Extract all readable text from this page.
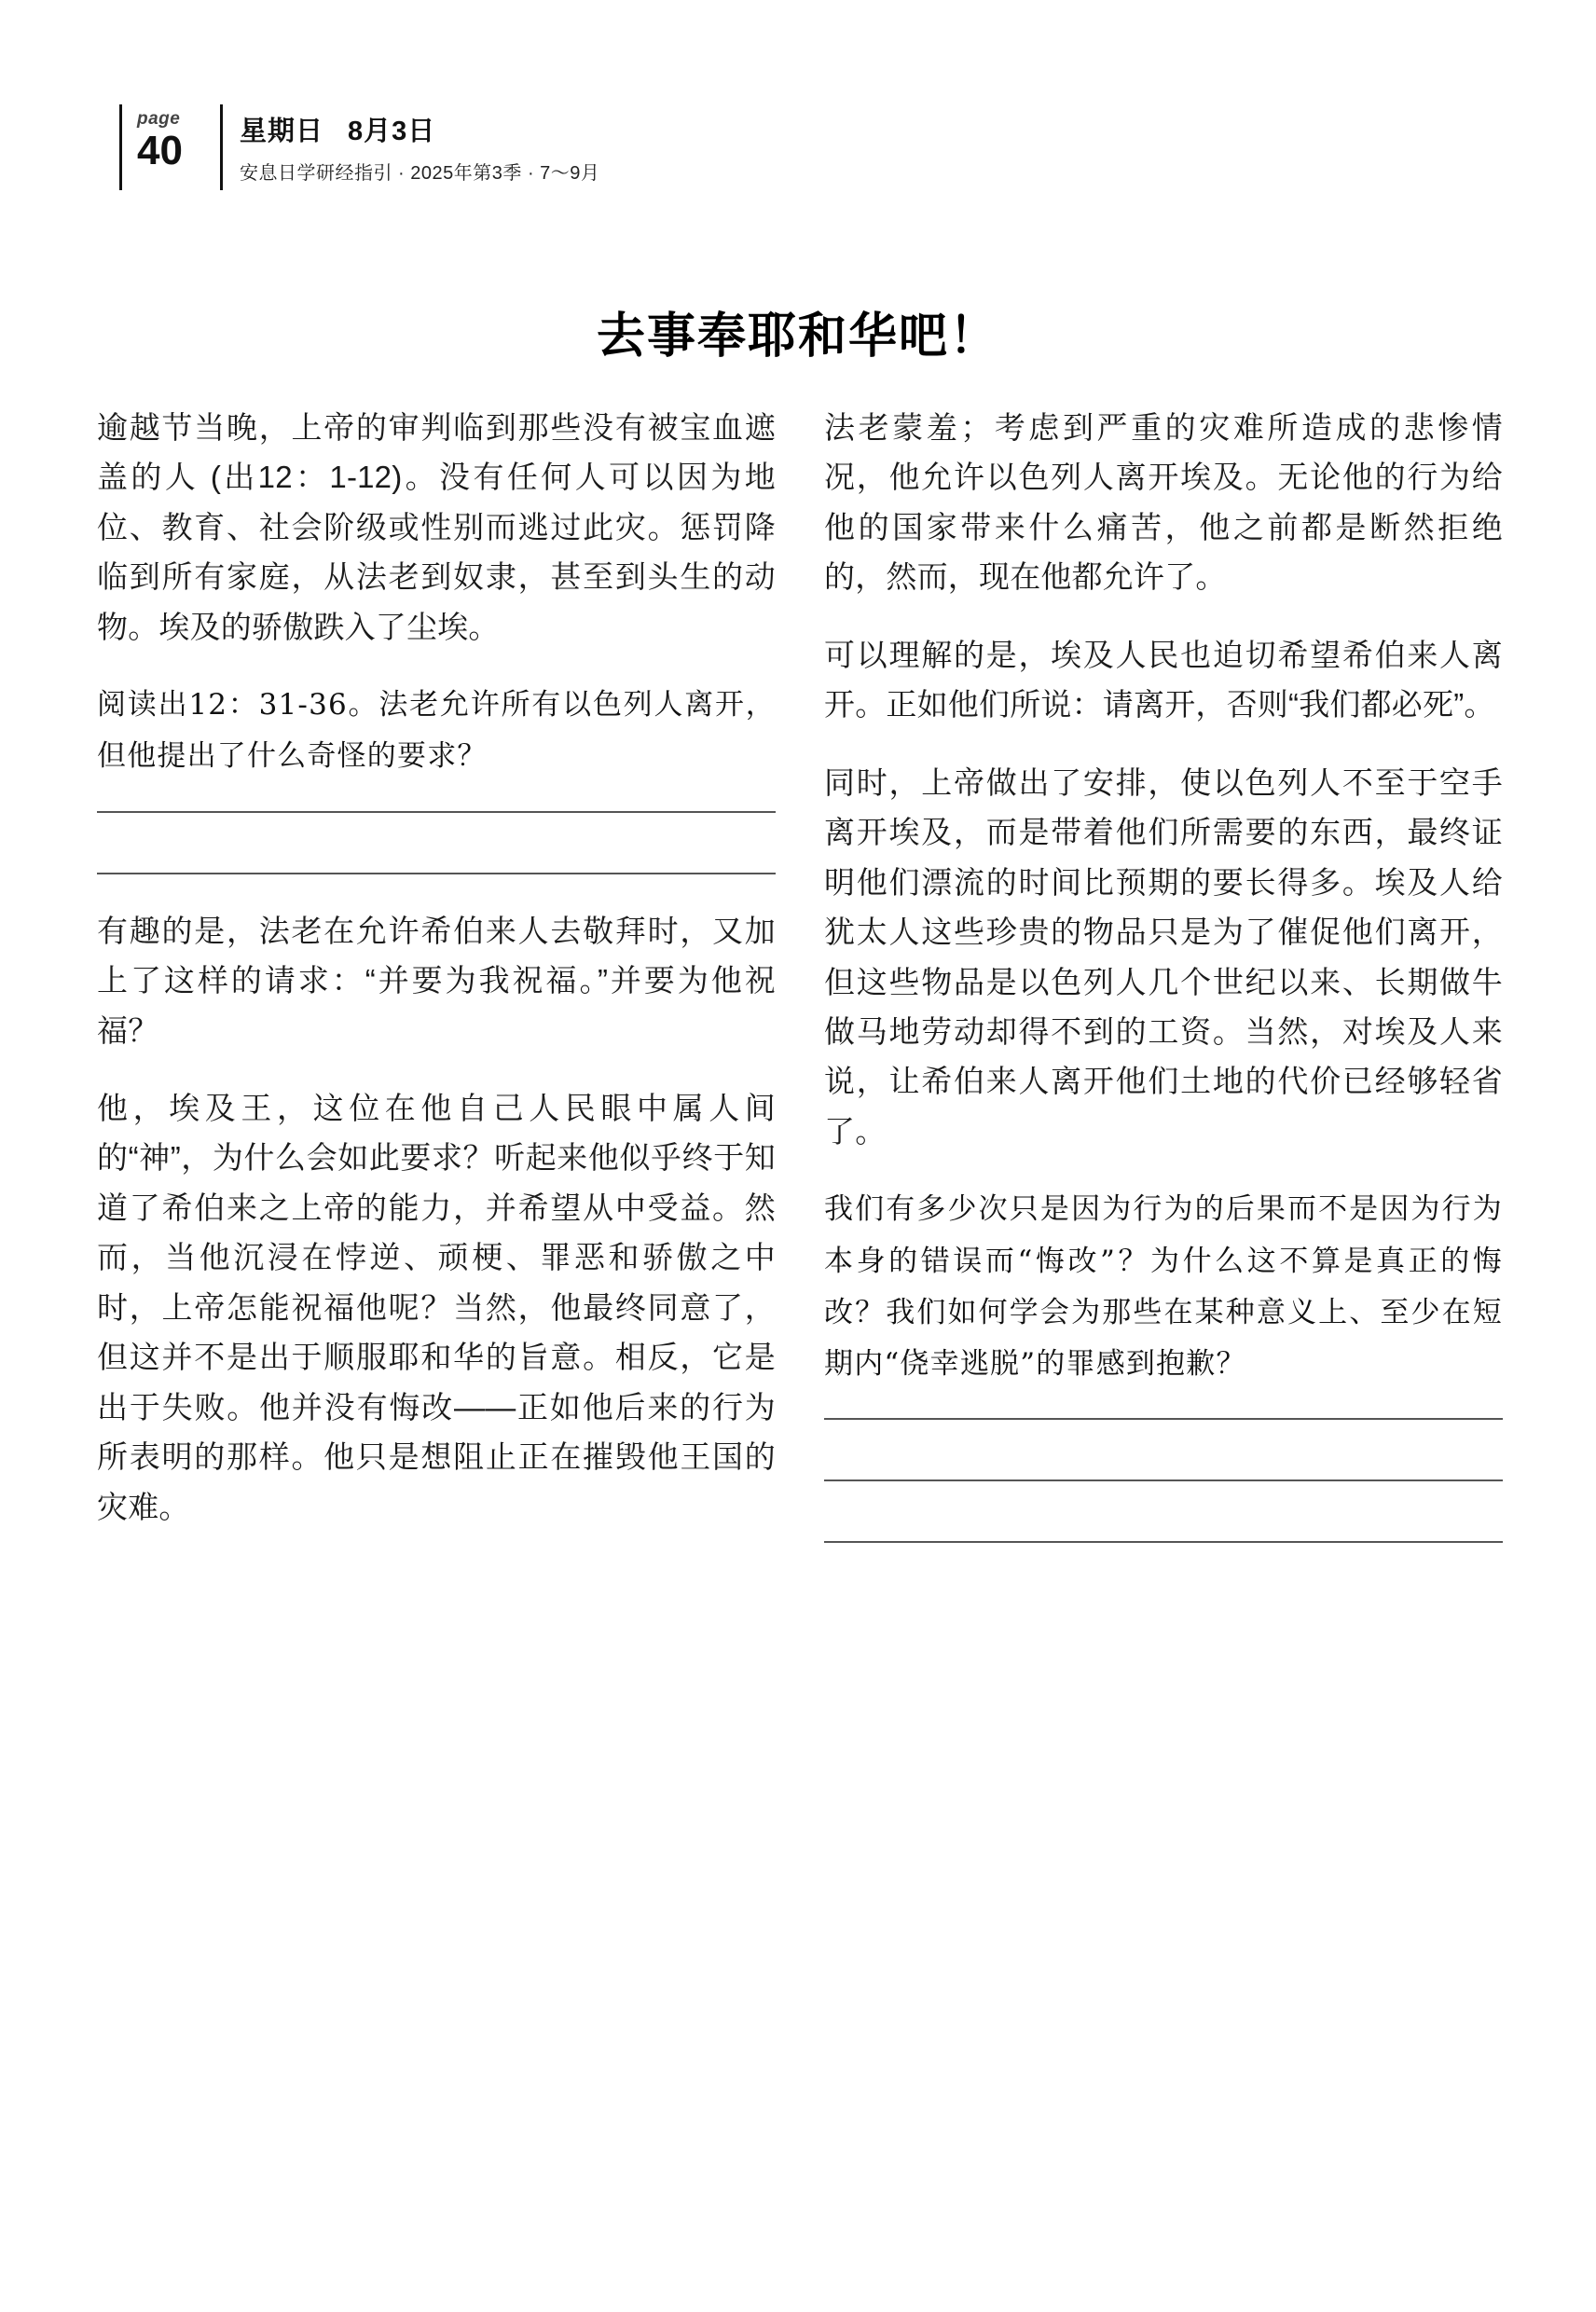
page
40	星期日 8月3日
安息日学研经指引 · 2025年第3季 · 7～9月
去事奉耶和华吧！

逾越节当晚，上帝的审判临到那些没有被宝血遮盖的人 (出12：1-12)。没有任何人可以因为地位、教育、社会阶级或性别而逃过此灾。惩罚降临到所有家庭，从法老到奴隶，甚至到头生的动物。埃及的骄傲跌入了尘埃。

阅读出12：31-36。法老允许所有以色列人离开，但他提出了什么奇怪的要求？

有趣的是，法老在允许希伯来人去敬拜时，又加上了这样的请求：“并要为我祝福。”并要为他祝福？

他，埃及王，这位在他自己人民眼中属人间的“神”，为什么会如此要求？听起来他似乎终于知道了希伯来之上帝的能力，并希望从中受益。然而，当他沉浸在悖逆、顽梗、罪恶和骄傲之中时，上帝怎能祝福他呢？当然，他最终同意了，但这并不是出于顺服耶和华的旨意。相反，它是出于失败。他并没有悔改——正如他后来的行为所表明的那样。他只是想阻止正在摧毁他王国的灾难。

法老蒙羞；考虑到严重的灾难所造成的悲惨情况，他允许以色列人离开埃及。无论他的行为给他的国家带来什么痛苦，他之前都是断然拒绝的，然而，现在他都允许了。

可以理解的是，埃及人民也迫切希望希伯来人离开。正如他们所说：请离开，否则“我们都必死”。

同时，上帝做出了安排，使以色列人不至于空手离开埃及，而是带着他们所需要的东西，最终证明他们漂流的时间比预期的要长得多。埃及人给犹太人这些珍贵的物品只是为了催促他们离开，但这些物品是以色列人几个世纪以来、长期做牛做马地劳动却得不到的工资。当然，对埃及人来说，让希伯来人离开他们土地的代价已经够轻省了。

我们有多少次只是因为行为的后果而不是因为行为本身的错误而“悔改”？为什么这不算是真正的悔改？我们如何学会为那些在某种意义上、至少在短期内“侥幸逃脱”的罪感到抱歉？
